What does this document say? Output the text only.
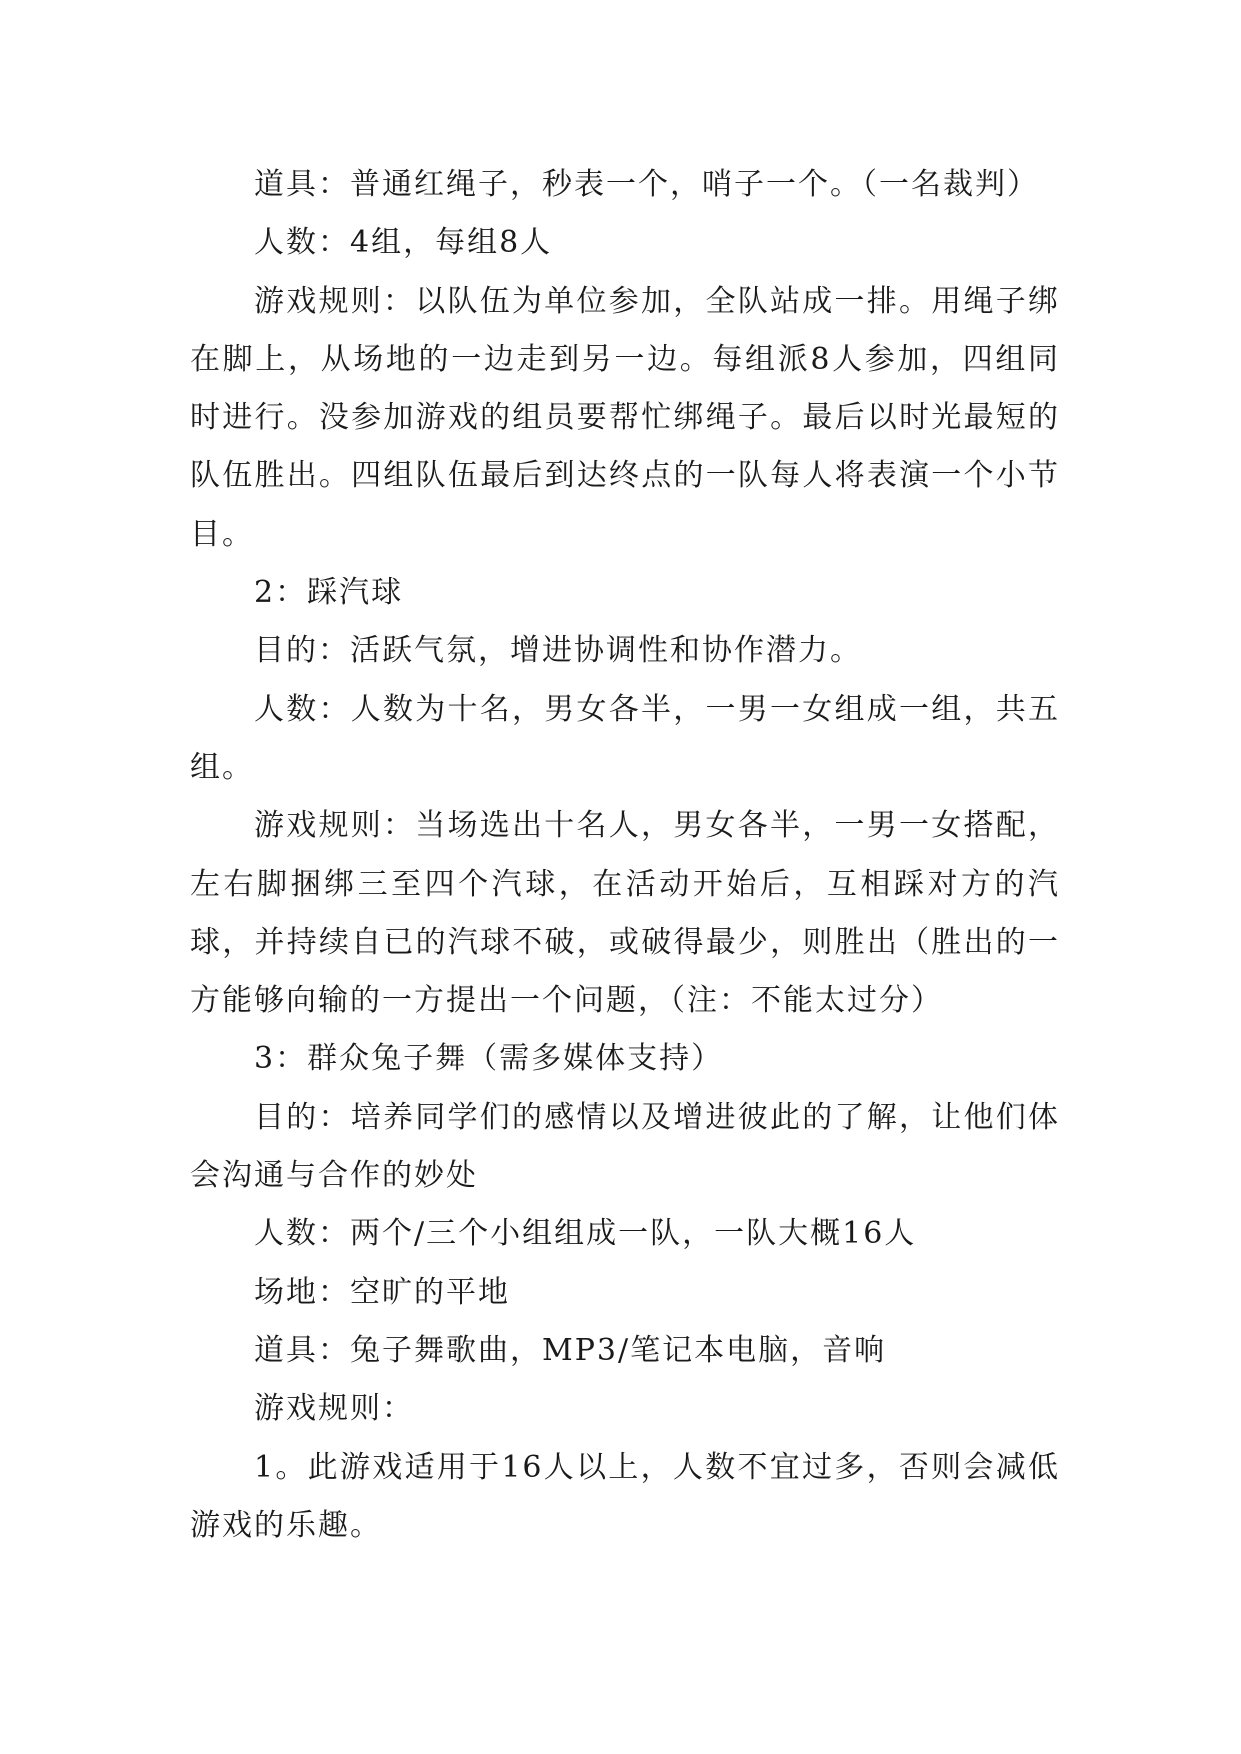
道具：普通红绳子，秒表一个，哨子一个。（一名裁判）

人数：4组，每组8人

游戏规则：以队伍为单位参加，全队站成一排。用绳子绑在脚上，从场地的一边走到另一边。每组派8人参加，四组同时进行。没参加游戏的组员要帮忙绑绳子。最后以时光最短的队伍胜出。四组队伍最后到达终点的一队每人将表演一个小节目。

2：踩汽球

目的：活跃气氛，增进协调性和协作潜力。

人数：人数为十名，男女各半，一男一女组成一组，共五组。

游戏规则：当场选出十名人，男女各半，一男一女搭配，左右脚捆绑三至四个汽球，在活动开始后，互相踩对方的汽球，并持续自已的汽球不破，或破得最少，则胜出（胜出的一方能够向输的一方提出一个问题，（注：不能太过分）

3：群众兔子舞（需多媒体支持）

目的：培养同学们的感情以及增进彼此的了解，让他们体会沟通与合作的妙处

人数：两个/三个小组组成一队，一队大概16人

场地：空旷的平地

道具：兔子舞歌曲，MP3/笔记本电脑，音响

游戏规则：

1。此游戏适用于16人以上，人数不宜过多，否则会减低游戏的乐趣。
